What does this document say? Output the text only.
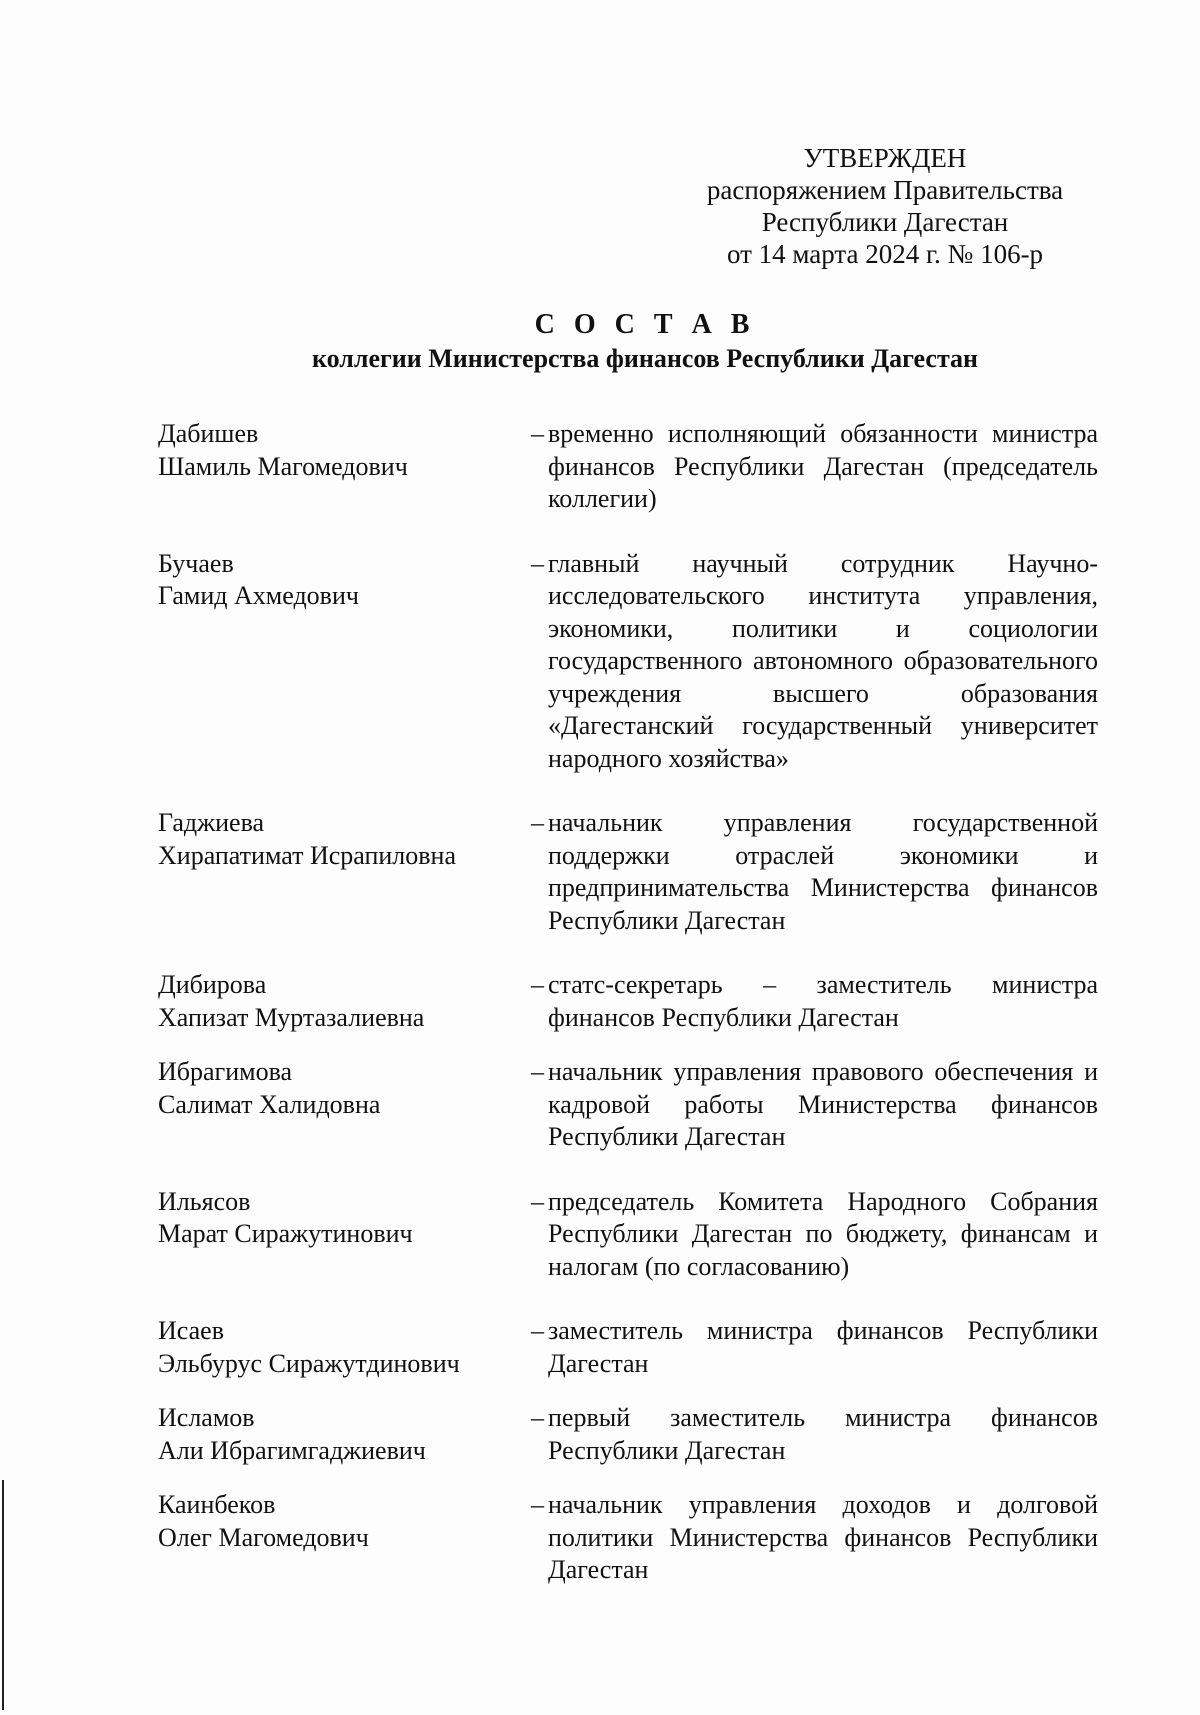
УТВЕРЖДЕН
распоряжением Правительства
Республики Дагестан
от 14 марта 2024 г. № 106-р
С О С Т А В
коллегии Министерства финансов Республики Дагестан
Дабишев
Шамиль Магомедович
– временно исполняющий обязанности министра финансов Республики Дагестан (председатель коллегии)
Бучаев
Гамид Ахмедович
– главный научный сотрудник Научно-исследовательского института управления, экономики, политики и социологии государственного автономного образовательного учреждения высшего образования «Дагестанский государственный университет народного хозяйства»
Гаджиева
Хирапатимат Исрапиловна
– начальник управления государственной поддержки отраслей экономики и предпринимательства Министерства финансов Республики Дагестан
Дибирова
Хапизат Муртазалиевна
– статс-секретарь – заместитель министра финансов Республики Дагестан
Ибрагимова
Салимат Халидовна
– начальник управления правового обеспечения и кадровой работы Министерства финансов Республики Дагестан
Ильясов
Марат Сиражутинович
– председатель Комитета Народного Собрания Республики Дагестан по бюджету, финансам и налогам (по согласованию)
Исаев
Эльбурус Сиражутдинович
– заместитель министра финансов Республики Дагестан
Исламов
Али Ибрагимгаджиевич
– первый заместитель министра финансов Республики Дагестан
Каинбеков
Олег Магомедович
– начальник управления доходов и долговой политики Министерства финансов Республики Дагестан
